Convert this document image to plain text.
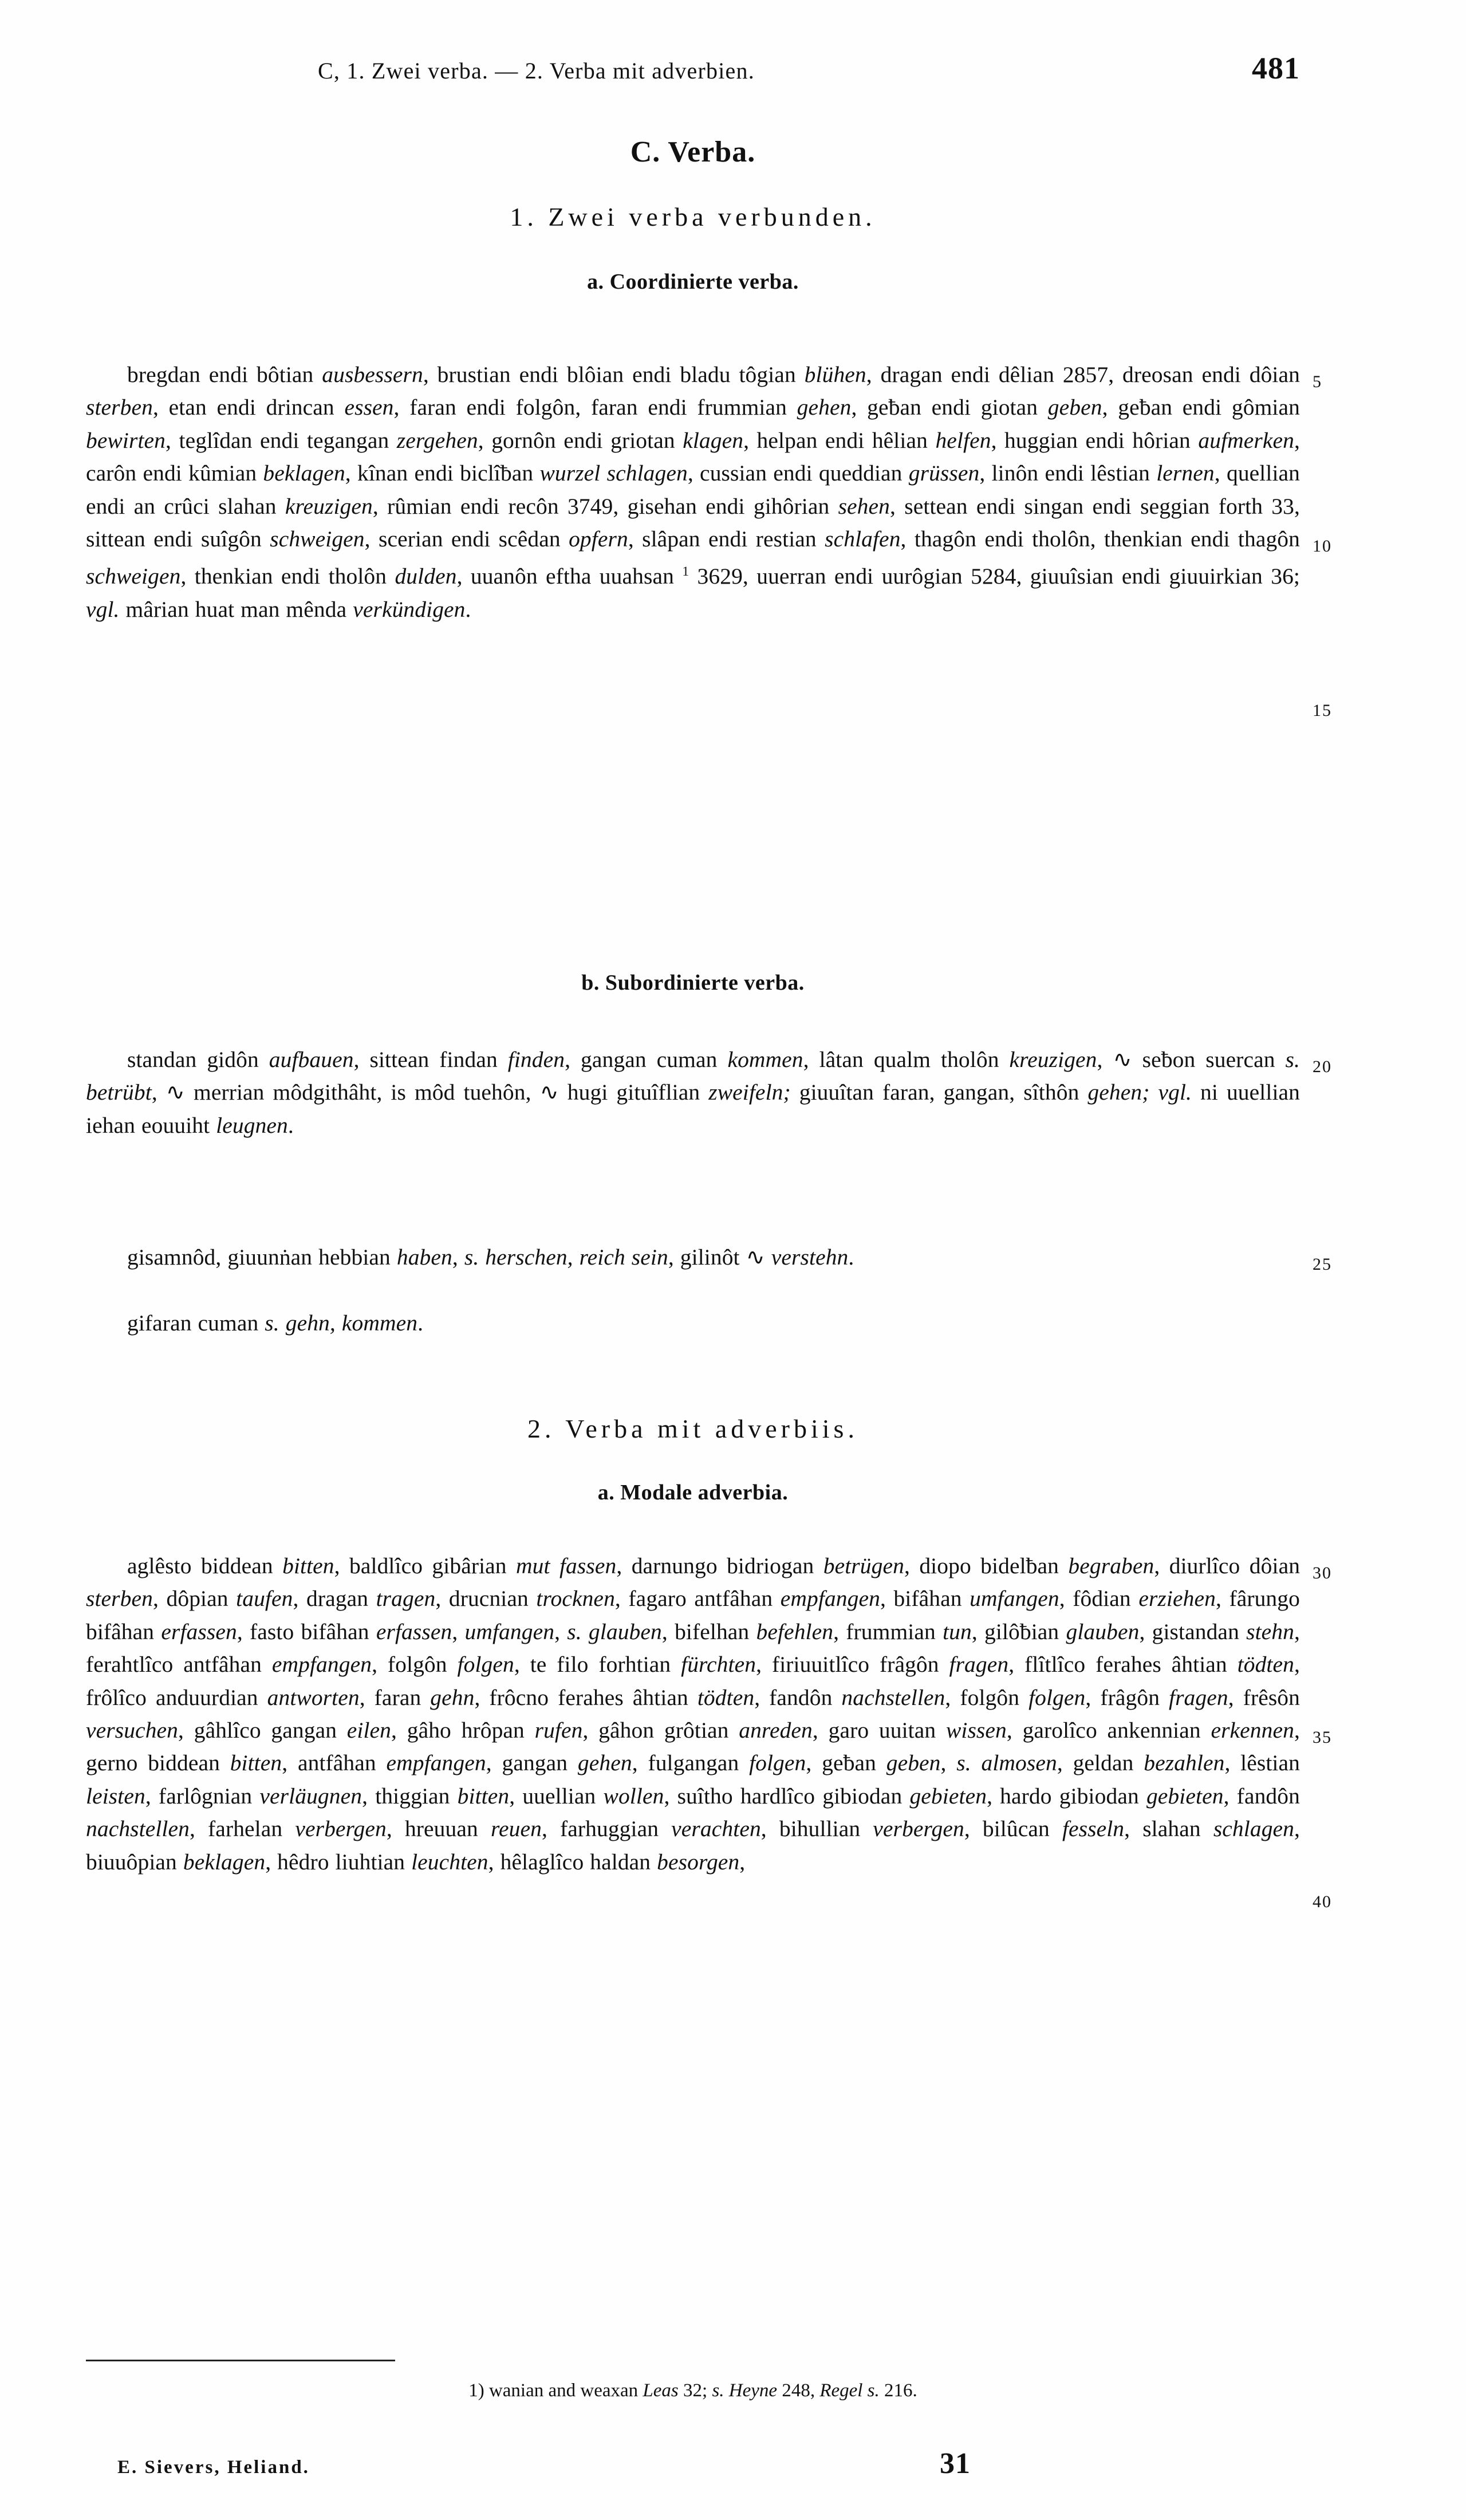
C, 1. Zwei verba. — 2. Verba mit adverbien.	481
C. Verba.
1. Zwei verba verbunden.
a. Coordinierte verba.
bregdan endi bôtian ausbessern, brustian endi blôian endi bladu tôgian blühen, dragan endi dêlian 2857, dreosan endi dôian sterben, etan endi drincan essen, faran endi folgôn, faran endi frummian gehen, geƀan endi giotan geben, geƀan endi gômian bewirten, teglîdan endi tegangan zergehen, gornôn endi griotan klagen, helpan endi hêlian helfen, huggian endi hôrian aufmerken, carôn endi kûmian beklagen, kînan endi biclîƀan wurzel schlagen, cussian endi queddian grüssen, linôn endi lêstian lernen, quellian endi an crûci slahan kreuzigen, rûmian endi recôn 3749, gisehan endi gihôrian sehen, settean endi singan endi seggian forth 33, sittean endi suîgôn schweigen, scerian endi scêdan opfern, slâpan endi restian schlafen, thagôn endi tholôn, thenkian endi thagôn schweigen, thenkian endi tholôn dulden, uuanôn eftha uuahsan $^1$ 3629, uuerran endi uurôgian 5284, giuuîsian endi giuuirkian 36; vgl. mârian huat man mênda verkündigen.
b. Subordinierte verba.
standan gidôn aufbauen, sittean findan finden, gangan cuman kommen, lâtan qualm tholôn kreuzigen, ∿ seƀon suercan s. betrübt, ∿ merrian môdgithâht, is môd tuehôn, ∿ hugi gituîflian zweifeln; giuuîtan faran, gangan, sîthôn gehen; vgl. ni uuellian iehan eouuiht leugnen.
gisamnôd, giuunṅan hebbian haben, s. herschen, reich sein, gilinôt ∿ verstehn.
gifaran cuman s. gehn, kommen.
2. Verba mit adverbiis.
a. Modale adverbia.
aglêsto biddean bitten, baldlîco gibârian mut fassen, darnungo bidriogan betrügen, diopo bidelƀan begraben, diurlîco dôian sterben, dôpian taufen, dragan tragen, drucnian trocknen, fagaro antfâhan empfangen, bifâhan umfangen, fôdian erziehen, fârungo bifâhan erfassen, fasto bifâhan erfassen, umfangen, s. glauben, bifelhan befehlen, frummian tun, gilôƀian glauben, gistandan stehn, ferahtlîco antfâhan empfangen, folgôn folgen, te filo forhtian fürchten, firiuuitlîco frâgôn fragen, flîtlîco ferahes âhtian tödten, frôlîco anduurdian antworten, faran gehn, frôcno ferahes âhtian tödten, fandôn nachstellen, folgôn folgen, frâgôn fragen, frêsôn versuchen, gâhlîco gangan eilen, gâho hrôpan rufen, gâhon grôtian anreden, garo uuitan wissen, garolîco ankennian erkennen, gerno biddean bitten, antfâhan empfangen, gangan gehen, fulgangan folgen, geƀan geben, s. almosen, geldan bezahlen, lêstian leisten, farlôgnian verläugnen, thiggian bitten, uuellian wollen, suîtho hardlîco gibiodan gebieten, hardo gibiodan gebieten, fandôn nachstellen, farhelan verbergen, hreuuan reuen, farhuggian verachten, bihullian verbergen, bilûcan fesseln, slahan schlagen, biuuôpian beklagen, hêdro liuhtian leuchten, hêlaglîco haldan besorgen,
5
10
15
20
25
30
35
40
1) wanian and weaxan Leas 32; s. Heyne 248, Regel s. 216.
E. Sievers, Heliand.	31
